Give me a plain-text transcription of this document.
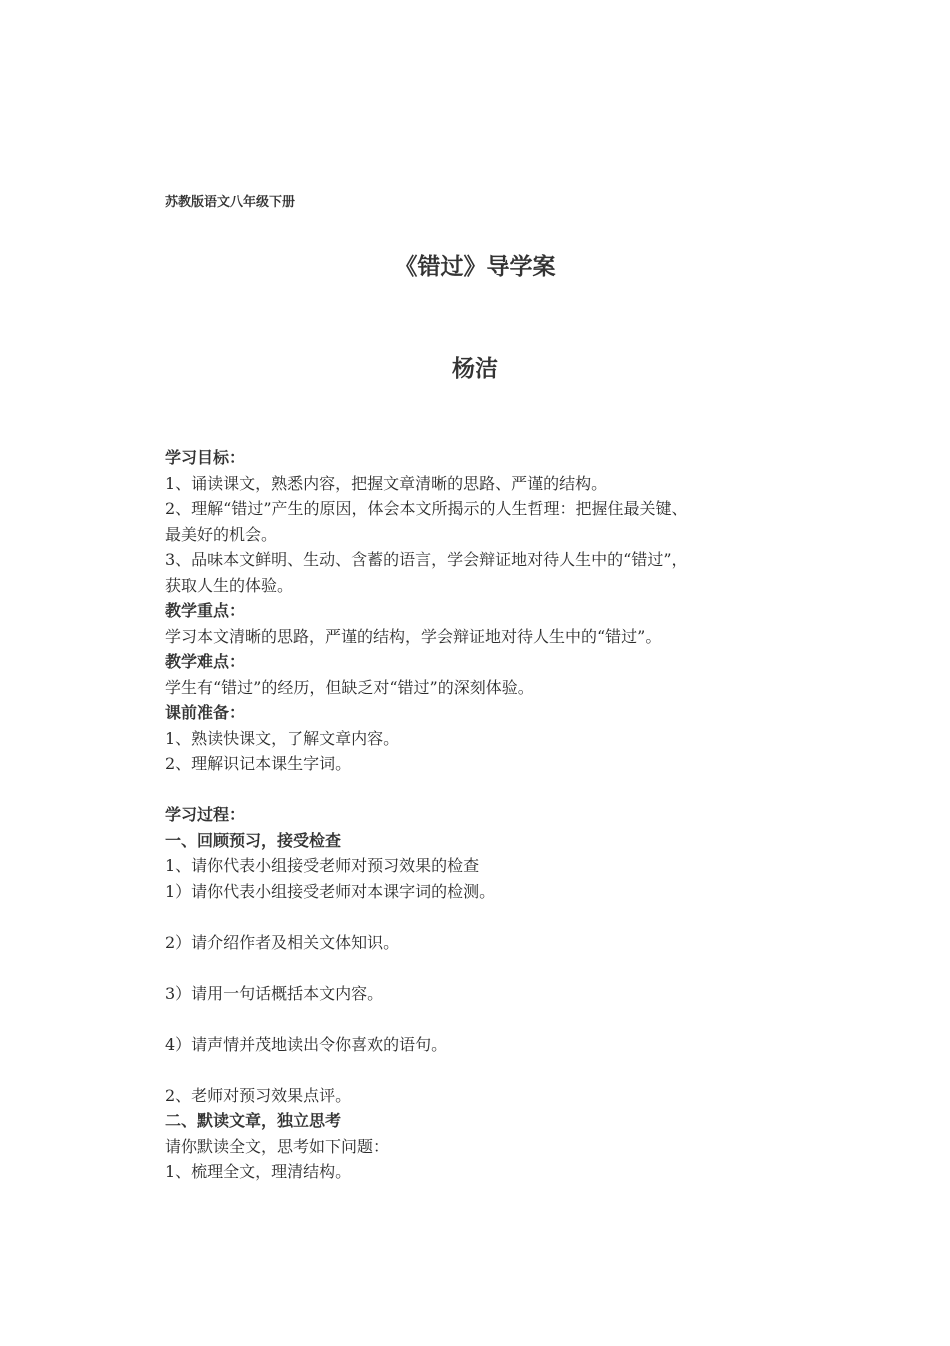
苏教版语文八年级下册
《错过》导学案
杨洁
学习目标：
1、诵读课文，熟悉内容，把握文章清晰的思路、严谨的结构。
2、理解“错过”产生的原因，体会本文所揭示的人生哲理：把握住最关键、
最美好的机会。
3、品味本文鲜明、生动、含蓄的语言，学会辩证地对待人生中的“错过”，
获取人生的体验。
教学重点：
学习本文清晰的思路，严谨的结构，学会辩证地对待人生中的“错过”。
教学难点：
学生有“错过”的经历，但缺乏对“错过”的深刻体验。
课前准备：
1、熟读快课文，了解文章内容。
2、理解识记本课生字词。
学习过程：
一、回顾预习，接受检查
1、请你代表小组接受老师对预习效果的检查
1）请你代表小组接受老师对本课字词的检测。
2）请介绍作者及相关文体知识。
3）请用一句话概括本文内容。
4）请声情并茂地读出令你喜欢的语句。
2、老师对预习效果点评。
二、默读文章，独立思考
请你默读全文，思考如下问题：
1、梳理全文，理清结构。
